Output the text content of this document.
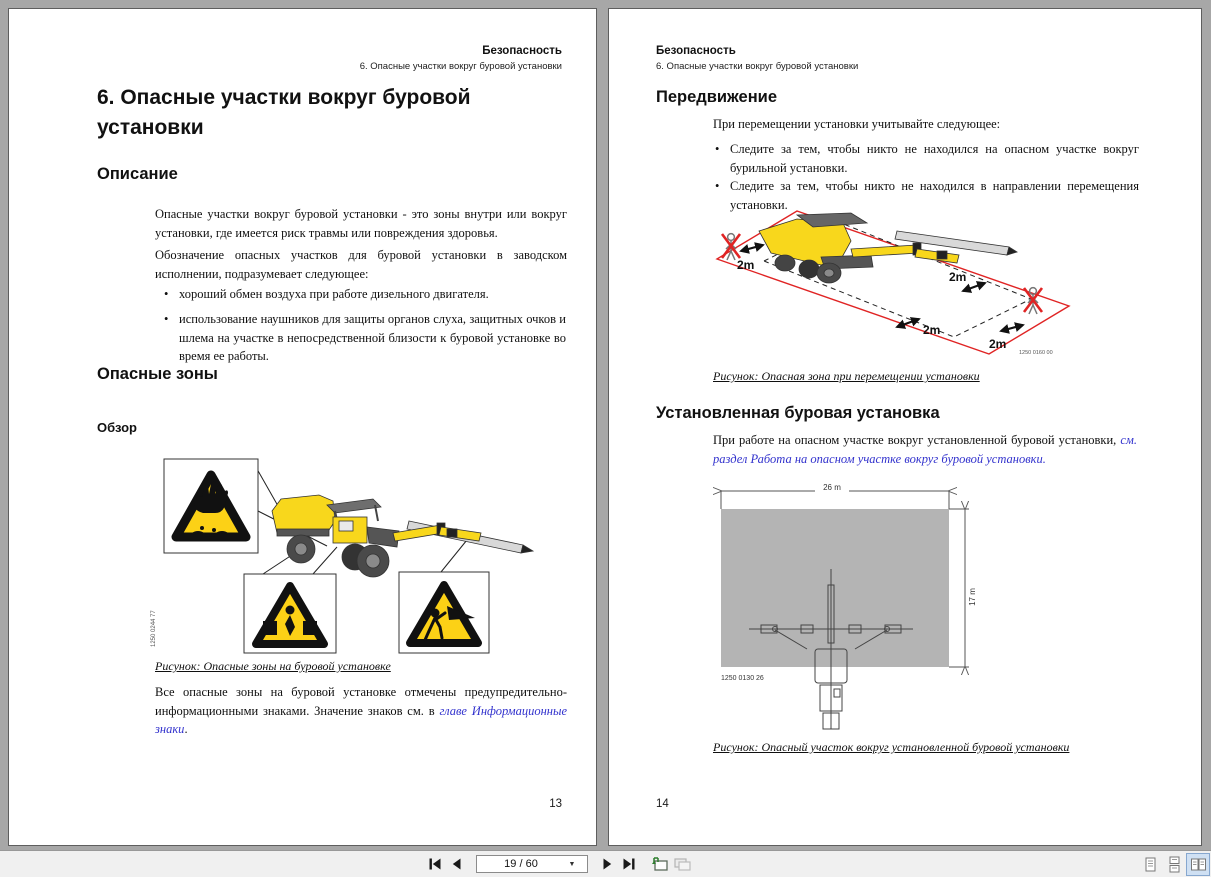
Безопасность
6. Опасные участки вокруг буровой установки
6. Опасные участки вокруг буровой установки
Описание
Опасные участки вокруг буровой установки - это зоны внутри или вокруг установки, где имеется риск травмы или повреждения здоровья.
Обозначение опасных участков для буровой установки в заводском исполнении, подразумевает следующее:
• хороший обмен воздуха при работе дизельного двигателя.
• использование наушников для защиты органов слуха, защитных очков и шлема на участке в непосредственной близости к буровой установке во время ее работы.
Опасные зоны
Обзор
1250 0244 77
Рисунок: Опасные зоны на буровой установке
Все опасные зоны на буровой установке отмечены предупредительно-информационными знаками. Значение знаков см. в главе Информационные знаки.
13
Безопасность
6. Опасные участки вокруг буровой установки
Передвижение
При перемещении установки учитывайте следующее:
• Следите за тем, чтобы никто не находился на опасном участке вокруг бурильной установки.
• Следите за тем, чтобы никто не находился в направлении перемещения установки.
2m
2m
2m
2m
1250 0160 00
Рисунок: Опасная зона при перемещении установки
Установленная буровая установка
При работе на опасном участке вокруг установленной буровой установки, см. раздел Работа на опасном участке вокруг буровой установки.
26 m
17 m
1250 0130 26
Рисунок: Опасный участок вокруг установленной буровой установки
14
19 / 60
▼
